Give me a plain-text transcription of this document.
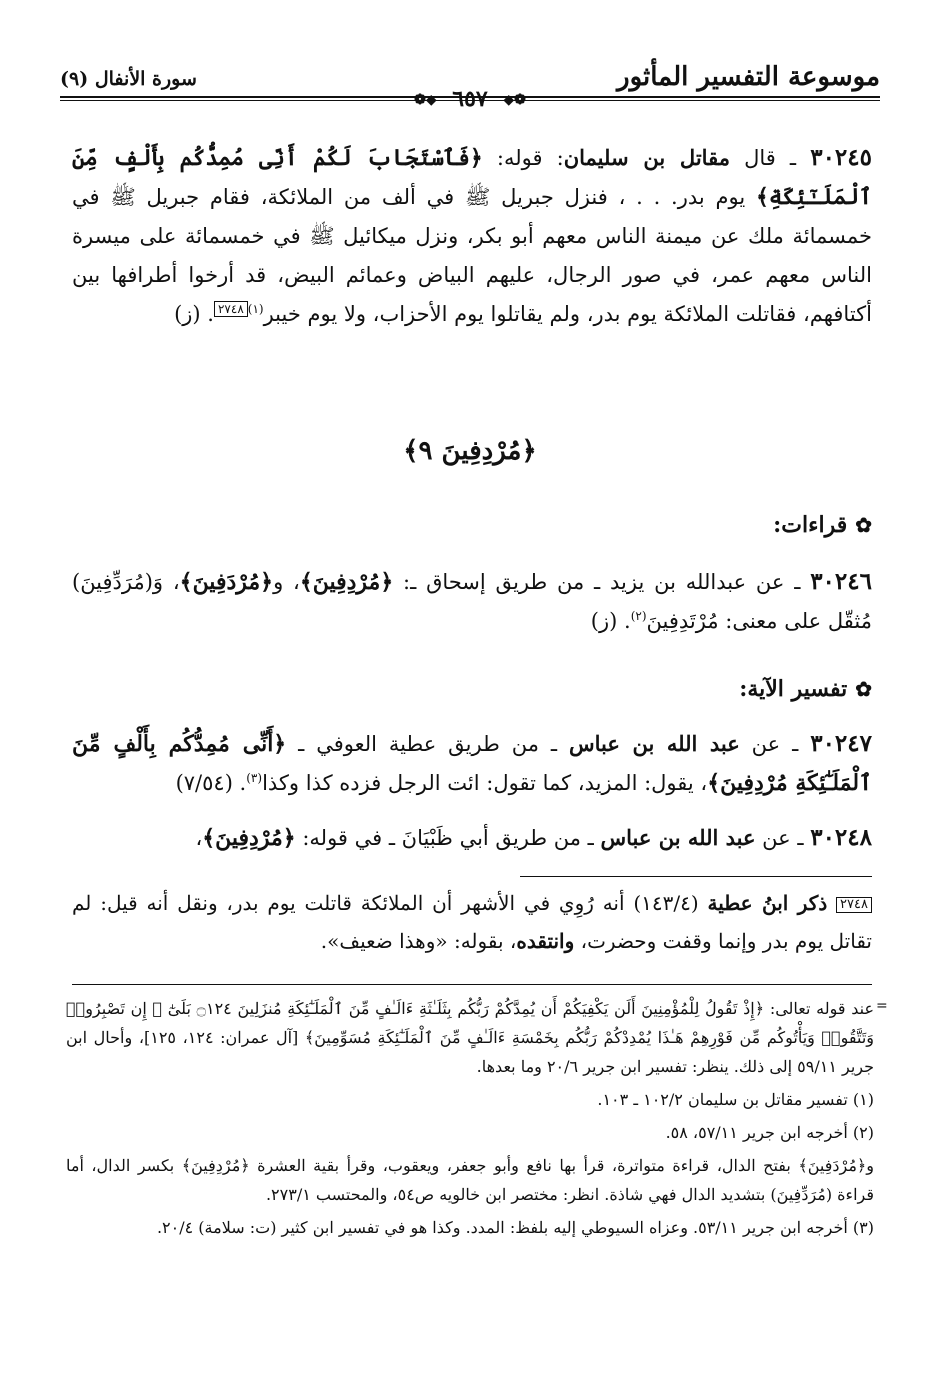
موسوعة التفسير المأثور
سورة الأنفال (٩)
❁◆ ٦٥٧ ◆❁

٣٠٢٤٥ ـ قال مقاتل بن سليمان: قوله: ﴿فَٱسْتَجَابَ لَكُمْ أَنِّى مُمِدُّكُم بِأَلْفٍ مِّنَ ٱلْمَلَـٰٓئِكَةِ﴾ يوم بدر. . . ، فنزل جبريل ﷺ في ألف من الملائكة، فقام جبريل ﷺ في خمسمائة ملك عن ميمنة الناس معهم أبو بكر، ونزل ميكائيل ﷺ في خمسمائة على ميسرة الناس معهم عمر، في صور الرجال، عليهم البياض وعمائم البيض، قد أرخوا أطرافها بين أكتافهم، فقاتلت الملائكة يوم بدر، ولم يقاتلوا يوم الأحزاب، ولا يوم خيبر$^{(١)}$٢٧٤٨. (ز)

﴿مُرْدِفِينَ ٩﴾
✿قراءات:
٣٠٢٤٦ ـ عن عبدالله بن يزيد ـ من طريق إسحاق ـ: ﴿مُرْدِفِينَ﴾، و﴿مُرْدَفِينَ﴾، وَ(مُرَدِّفِينَ) مُثقّل على معنى: مُرْتَدِفِينَ$^{(٢)}$. (ز)
✿تفسير الآية:
٣٠٢٤٧ ـ عن عبد الله بن عباس ـ من طريق عطية العوفي ـ ﴿أَنِّى مُمِدُّكُم بِأَلْفٍ مِّنَ ٱلْمَلَـٰٓئِكَةِ مُرْدِفِينَ﴾، يقول: المزيد، كما تقول: ائت الرجل فزده كذا وكذا$^{(٣)}$. (٧/٥٤)
٣٠٢٤٨ ـ عن عبد الله بن عباس ـ من طريق أبي ظَبْيَانَ ـ في قوله: ﴿مُرْدِفِينَ﴾،
٢٧٤٨ ذكر ابنُ عطية (١٤٣/٤) أنه رُوِي في الأشهر أن الملائكة قاتلت يوم بدر، ونقل أنه قيل: لم تقاتل يوم بدر وإنما وقفت وحضرت، وانتقده، بقوله: «وهذا ضعيف».
=

عند قوله تعالى: ﴿إِذْ تَقُولُ لِلْمُؤْمِنِينَ أَلَن يَكْفِيَكُمْ أَن يُمِدَّكُمْ رَبُّكُم بِثَلَـٰثَةِ ءَالَـٰفٍ مِّنَ ٱلْمَلَـٰٓئِكَةِ مُنزَلِينَ ۝١٢٤ بَلَىٰٓ ۚ إِن تَصْبِرُوا۟ وَتَتَّقُوا۟ وَيَأْتُوكُم مِّن فَوْرِهِمْ هَـٰذَا يُمْدِدْكُمْ رَبُّكُم بِخَمْسَةِ ءَالَـٰفٍ مِّنَ ٱلْمَلَـٰٓئِكَةِ مُسَوِّمِينَ﴾ [آل عمران: ١٢٤، ١٢٥]، وأحال ابن جرير ٥٩/١١ إلى ذلك. ينظر: تفسير ابن جرير ٢٠/٦ وما بعدها.

(١) تفسير مقاتل بن سليمان ١٠٢/٢ ـ ١٠٣.

(٢) أخرجه ابن جرير ٥٧/١١، ٥٨.

و﴿مُرْدَفِينَ﴾ بفتح الدال، قراءة متواترة، قرأ بها نافع وأبو جعفر، ويعقوب، وقرأ بقية العشرة ﴿مُرْدِفِينَ﴾ بكسر الدال، أما قراءة (مُرَدِّفِينَ) بتشديد الدال فهي شاذة. انظر: مختصر ابن خالويه ص٥٤، والمحتسب ٢٧٣/١.

(٣) أخرجه ابن جرير ٥٣/١١. وعزاه السيوطي إليه بلفظ: المدد. وكذا هو في تفسير ابن كثير (ت: سلامة) ٢٠/٤.
